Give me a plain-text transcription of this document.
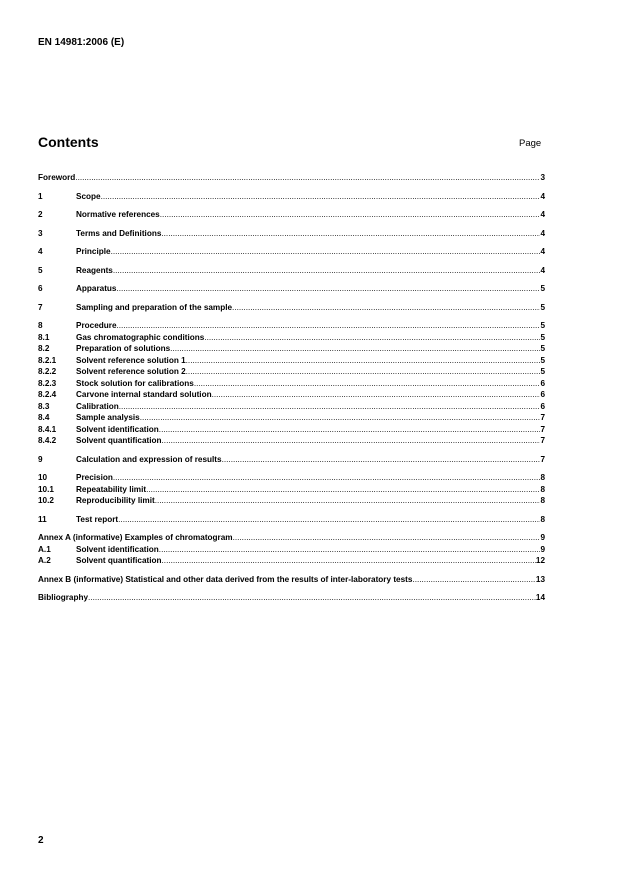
EN 14981:2006 (E)
Contents	Page
Foreword .....	3
1	Scope .....	4
2	Normative references .....	4
3	Terms and Definitions .....	4
4	Principle .....	4
5	Reagents .....	4
6	Apparatus .....	5
7	Sampling and preparation of the sample .....	5
8	Procedure .....	5
8.1	Gas chromatographic conditions .....	5
8.2	Preparation of solutions .....	5
8.2.1	Solvent reference solution 1 .....	5
8.2.2	Solvent reference solution 2 .....	5
8.2.3	Stock solution for calibrations .....	6
8.2.4	Carvone internal standard solution .....	6
8.3	Calibration .....	6
8.4	Sample analysis .....	7
8.4.1	Solvent identification .....	7
8.4.2	Solvent quantification .....	7
9	Calculation and expression of results .....	7
10	Precision .....	8
10.1	Repeatability limit .....	8
10.2	Reproducibility limit .....	8
11	Test report .....	8
Annex A (informative) Examples of chromatogram .....	9
A.1	Solvent identification .....	9
A.2	Solvent quantification .....	12
Annex B (informative) Statistical and other data derived from the results of inter-laboratory tests .....	13
Bibliography .....	14
2
